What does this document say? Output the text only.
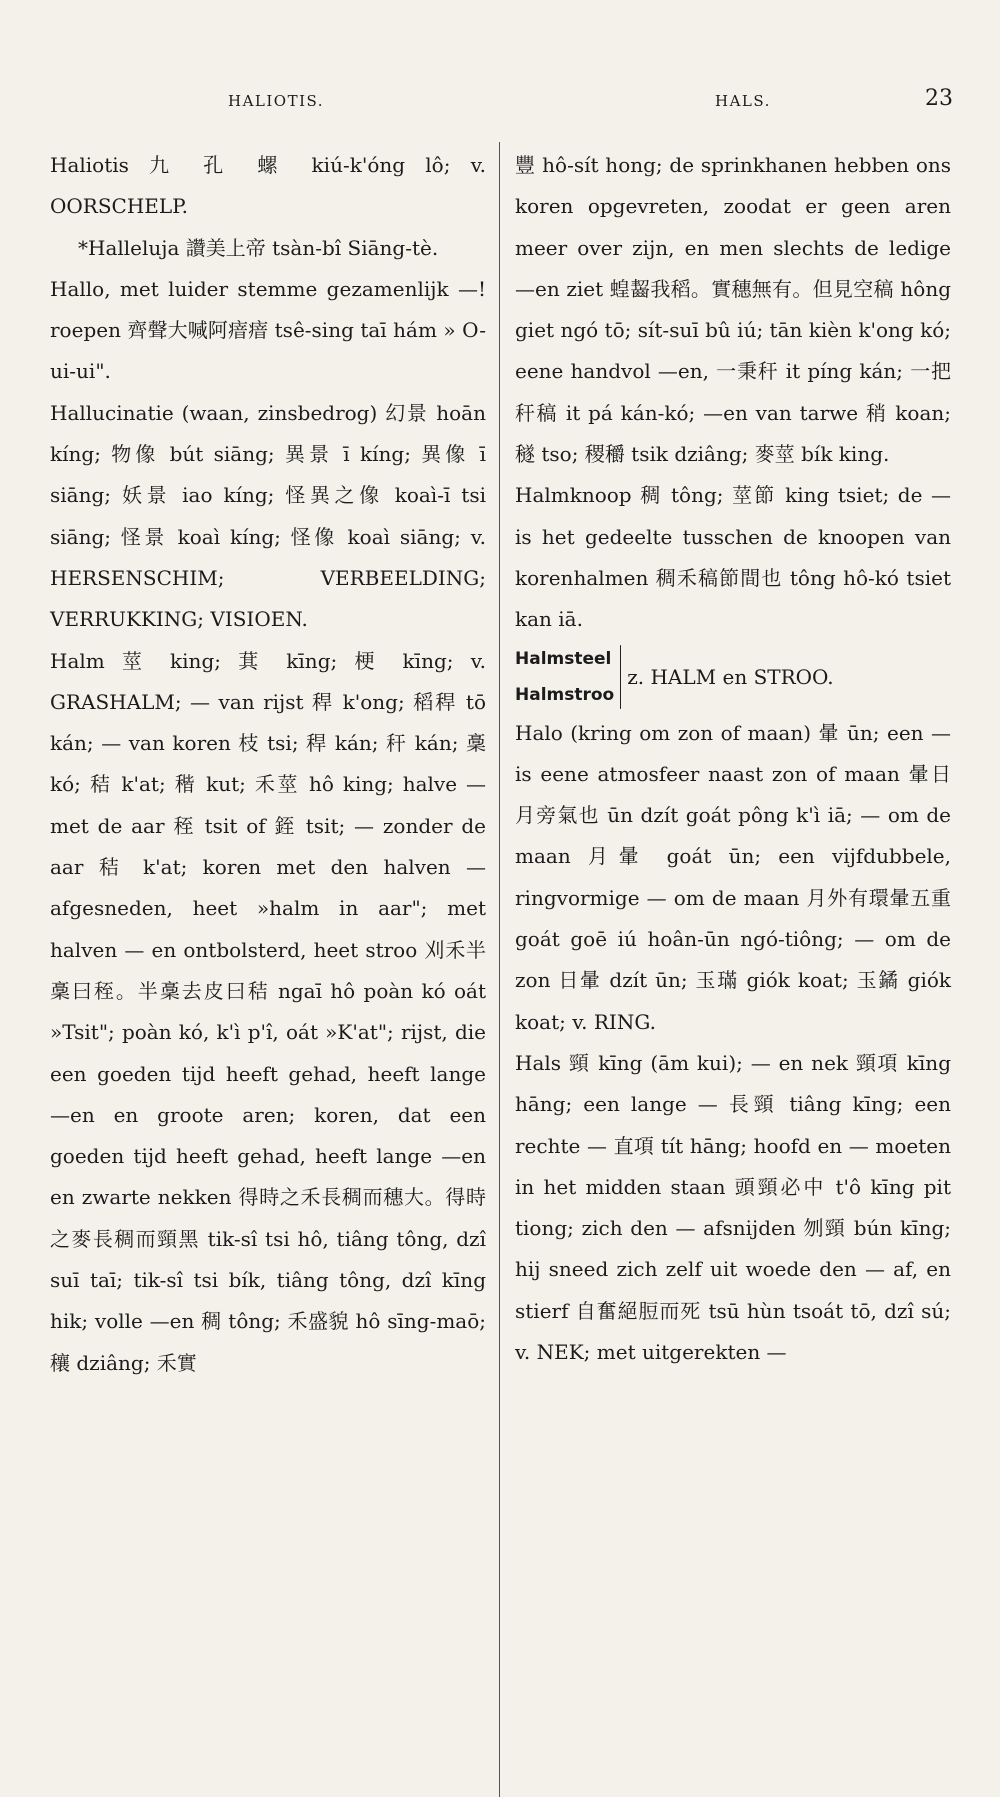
HALIOTIS.	HALS.	23

Haliotis 九 孔 螺 kiú-k'óng lô; v. OORSCHELP.

*Halleluja 讚美上帝 tsàn-bî Siāng-tè.

Hallo, met luider stemme gezamenlijk —! roepen 齊聲大喊阿瘖瘖 tsê-sing taī hám » O-ui-ui".

Hallucinatie (waan, zinsbedrog) 幻景 hoān kíng; 物像 bút siāng; 異景 ī kíng; 異像 ī siāng; 妖景 iao kíng; 怪異之像 koaì-ī tsi siāng; 怪景 koaì kíng; 怪像 koaì siāng; v. HERSENSCHIM; VERBEELDING; VERRUKKING; VISIOEN.

Halm 莖 king; 萁 kīng; 梗 kīng; v. GRASHALM; — van rijst 稈 k'ong; 稻稈 tō kán; — van koren 枝 tsi; 稈 kán; 秆 kán; 稾 kó; 秸 k'at; 稭 kut; 禾莖 hô king; halve — met de aar 秷 tsit of 銍 tsit; — zonder de aar 秸 k'at; koren met den halven — afgesneden, heet »halm in aar"; met halven — en ontbolsterd, heet stroo 刈禾半稾曰秷。半稾去皮曰秸 ngaī hô poàn kó oát »Tsit"; poàn kó, k'ì p'î, oát »K'at"; rijst, die een goeden tijd heeft gehad, heeft lange —en en groote aren; koren, dat een goeden tijd heeft gehad, heeft lange —en en zwarte nekken 得時之禾長稠而穗大。得時之麥長稠而頸黑 tik-sî tsi hô, tiâng tông, dzî suī taī; tik-sî tsi bík, tiâng tông, dzî kīng hik; volle —en 稠 tông; 禾盛貌 hô sīng-maō; 穰 dziâng; 禾實

豐 hô-sít hong; de sprinkhanen hebben ons koren opgevreten, zoodat er geen aren meer over zijn, en men slechts de ledige —en ziet 蝗齧我稻。實穗無有。但見空稿 hông giet ngó tō; sít-suī bû iú; tān kièn k'ong kó; eene handvol —en, 一秉秆 it píng kán; 一把秆稿 it pá kán-kó; —en van tarwe 稍 koan; 穟 tso; 稷穱 tsik dziâng; 麥莖 bík king.

Halmknoop 稠 tông; 莖節 king tsiet; de — is het gedeelte tusschen de knoopen van korenhalmen 稠禾稿節間也 tông hô-kó tsiet kan iā.

Halmsteel
Halmstroo
z. HALM en STROO.

Halo (kring om zon of maan) 暈 ūn; een — is eene atmosfeer naast zon of maan 暈日月旁氣也 ūn dzít goát pông k'ì iā; — om de maan 月暈 goát ūn; een vijfdubbele, ringvormige — om de maan 月外有環暈五重 goát goē iú hoân-ūn ngó-tiông; — om de zon 日暈 dzít ūn; 玉璊 giók koat; 玉鐍 giók koat; v. RING.

Hals 頸 kīng (ām kui); — en nek 頸項 kīng hāng; een lange — 長頸 tiâng kīng; een rechte — 直項 tít hāng; hoofd en — moeten in het midden staan 頭頸必中 t'ô kīng pit tiong; zich den — afsnijden 刎頸 bún kīng; hij sneed zich zelf uit woede den — af, en stierf 自奮絕脰而死 tsū hùn tsoát tō, dzî sú; v. NEK; met uitgerekten —
